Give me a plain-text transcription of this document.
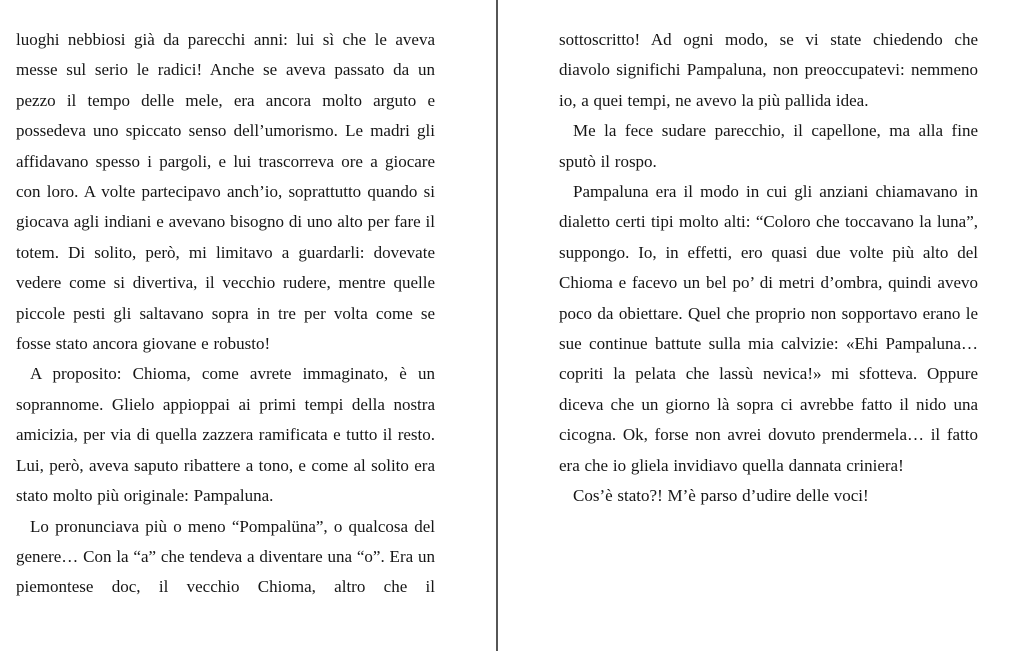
luoghi nebbiosi già da parecchi anni: lui sì che le aveva messe sul serio le radici! Anche se aveva passato da un pezzo il tempo delle mele, era ancora molto arguto e possedeva uno spiccato senso dell’umorismo. Le madri gli affidavano spesso i pargoli, e lui trascorreva ore a giocare con loro. A volte partecipavo anch’io, soprattutto quando si giocava agli indiani e avevano bisogno di uno alto per fare il totem. Di solito, però, mi limitavo a guardarli: dovevate vedere come si divertiva, il vecchio rudere, mentre quelle piccole pesti gli saltavano sopra in tre per volta come se fosse stato ancora giovane e robusto!

A proposito: Chioma, come avrete immaginato, è un soprannome. Glielo appioppai ai primi tempi della nostra amicizia, per via di quella zazzera ramificata e tutto il resto. Lui, però, aveva saputo ribattere a tono, e come al solito era stato molto più originale: Pampaluna.

Lo pronunciava più o meno “Pompalüna”, o qualcosa del genere… Con la “a” che tendeva a diventare una “o”. Era un piemontese doc, il vecchio Chioma, altro che il

sottoscritto! Ad ogni modo, se vi state chiedendo che diavolo significhi Pampaluna, non preoccupatevi: nemmeno io, a quei tempi, ne avevo la più pallida idea.

Me la fece sudare parecchio, il capellone, ma alla fine sputò il rospo.

Pampaluna era il modo in cui gli anziani chiamavano in dialetto certi tipi molto alti: “Coloro che toccavano la luna”, suppongo. Io, in effetti, ero quasi due volte più alto del Chioma e facevo un bel po’ di metri d’ombra, quindi avevo poco da obiettare. Quel che proprio non sopportavo erano le sue continue battute sulla mia calvizie: «Ehi Pampaluna… copriti la pelata che lassù nevica!» mi sfotteva. Oppure diceva che un giorno là sopra ci avrebbe fatto il nido una cicogna. Ok, forse non avrei dovuto prendermela… il fatto era che io gliela invidiavo quella dannata criniera!

Cos’è stato?! M’è parso d’udire delle voci!
